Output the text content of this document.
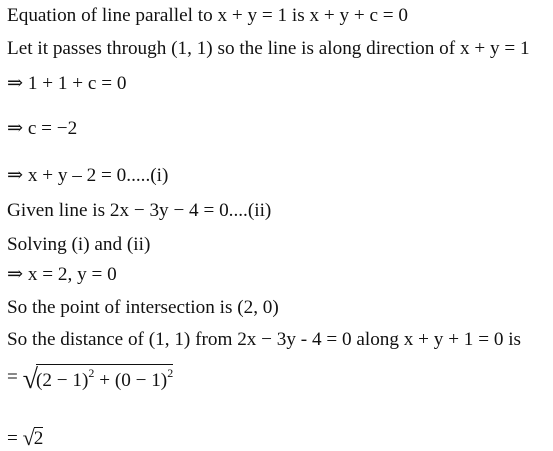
Equation of line parallel to x + y = 1 is x + y + c = 0
Let it passes through (1, 1) so the line is along direction of x + y = 1
⇒ 1 + 1 + c = 0
⇒ c = −2
⇒ x + y – 2 = 0.....(i)
Given line is 2x − 3y − 4 = 0....(ii)
Solving (i) and (ii)
⇒ x = 2, y = 0
So the point of intersection is (2, 0)
So the distance of (1, 1) from 2x − 3y - 4 = 0 along x + y + 1 = 0 is
= $√(2 - 1)^2 + (0 - 1)^2$
= √2
